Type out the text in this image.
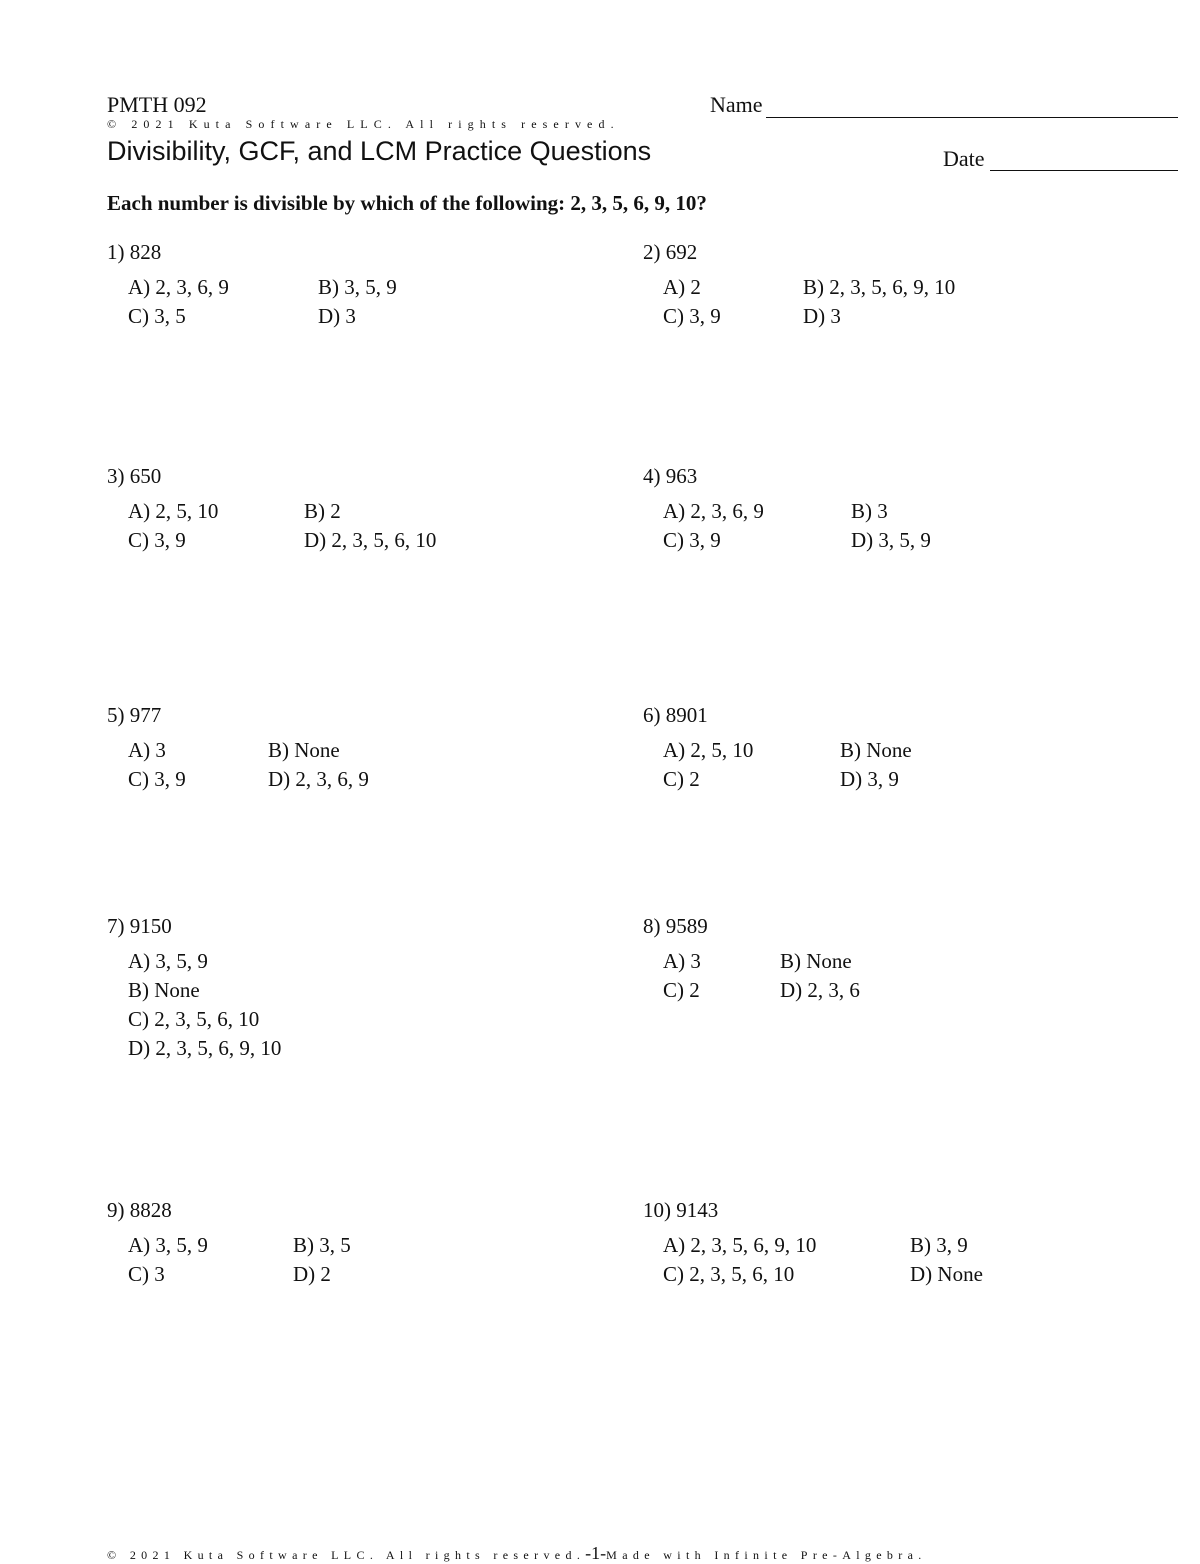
PMTH 092	Name
© 2021 Kuta Software LLC. All rights reserved.
Divisibility, GCF, and LCM Practice Questions	Date
Each number is divisible by which of the following: 2, 3, 5, 6, 9, 10?
1) 828
A) 2, 3, 6, 9	B) 3, 5, 9
C) 3, 5	D) 3
2) 692
A) 2	B) 2, 3, 5, 6, 9, 10
C) 3, 9	D) 3
3) 650
A) 2, 5, 10	B) 2
C) 3, 9	D) 2, 3, 5, 6, 10
4) 963
A) 2, 3, 6, 9	B) 3
C) 3, 9	D) 3, 5, 9
5) 977
A) 3	B) None
C) 3, 9	D) 2, 3, 6, 9
6) 8901
A) 2, 5, 10	B) None
C) 2	D) 3, 9
7) 9150
A) 3, 5, 9
B) None
C) 2, 3, 5, 6, 10
D) 2, 3, 5, 6, 9, 10
8) 9589
A) 3	B) None
C) 2	D) 2, 3, 6
9) 8828
A) 3, 5, 9	B) 3, 5
C) 3	D) 2
10) 9143
A) 2, 3, 5, 6, 9, 10	B) 3, 9
C) 2, 3, 5, 6, 10	D) None
© 2021 Kuta Software LLC. All rights reserved.-1-Made with Infinite Pre-Algebra.
